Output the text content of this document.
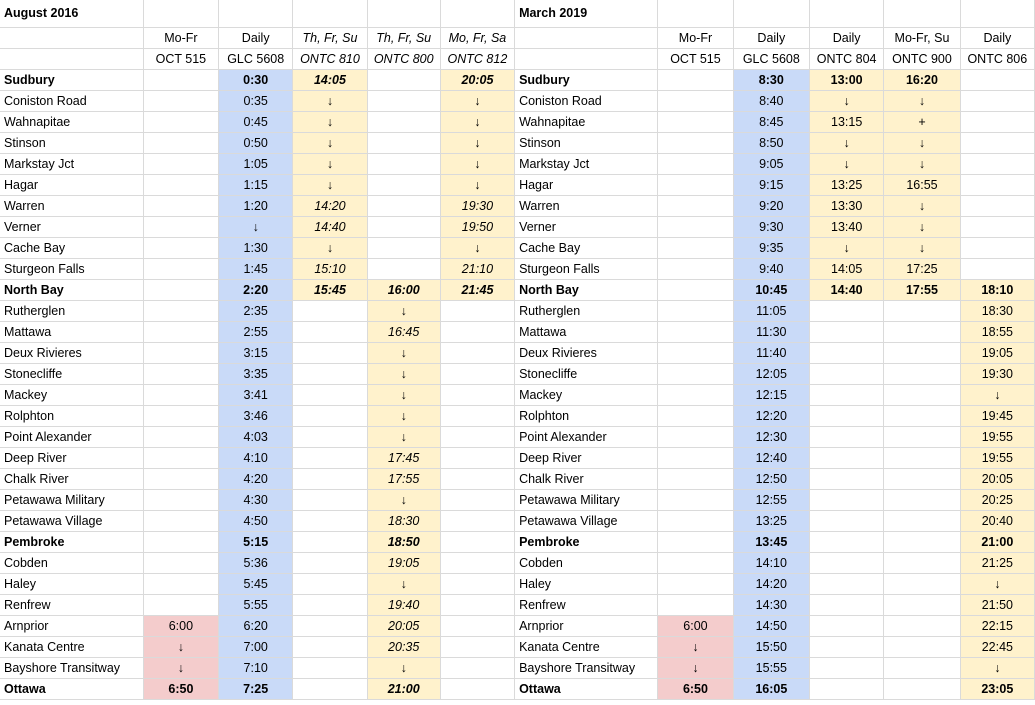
August 2016						March 2019					
	Mo-Fr	Daily	Th, Fr, Su	Th, Fr, Su	Mo, Fr, Sa		Mo-Fr	Daily	Daily	Mo-Fr, Su	Daily
	OCT 515	GLC 5608	ONTC 810	ONTC 800	ONTC 812		OCT 515	GLC 5608	ONTC 804	ONTC 900	ONTC 806
Sudbury		0:30	14:05		20:05	Sudbury		8:30	13:00	16:20	
Coniston Road		0:35	↓		↓	Coniston Road		8:40	↓	↓	
Wahnapitae		0:45	↓		↓	Wahnapitae		8:45	13:15	+	
Stinson		0:50	↓		↓	Stinson		8:50	↓	↓	
Markstay Jct		1:05	↓		↓	Markstay Jct		9:05	↓	↓	
Hagar		1:15	↓		↓	Hagar		9:15	13:25	16:55	
Warren		1:20	14:20		19:30	Warren		9:20	13:30	↓	
Verner		↓	14:40		19:50	Verner		9:30	13:40	↓	
Cache Bay		1:30	↓		↓	Cache Bay		9:35	↓	↓	
Sturgeon Falls		1:45	15:10		21:10	Sturgeon Falls		9:40	14:05	17:25	
North Bay		2:20	15:45	16:00	21:45	North Bay		10:45	14:40	17:55	18:10
Rutherglen		2:35		↓		Rutherglen		11:05			18:30
Mattawa		2:55		16:45		Mattawa		11:30			18:55
Deux Rivieres		3:15		↓		Deux Rivieres		11:40			19:05
Stonecliffe		3:35		↓		Stonecliffe		12:05			19:30
Mackey		3:41		↓		Mackey		12:15			↓
Rolphton		3:46		↓		Rolphton		12:20			19:45
Point Alexander		4:03		↓		Point Alexander		12:30			19:55
Deep River		4:10		17:45		Deep River		12:40			19:55
Chalk River		4:20		17:55		Chalk River		12:50			20:05
Petawawa Military		4:30		↓		Petawawa Military		12:55			20:25
Petawawa Village		4:50		18:30		Petawawa Village		13:25			20:40
Pembroke		5:15		18:50		Pembroke		13:45			21:00
Cobden		5:36		19:05		Cobden		14:10			21:25
Haley		5:45		↓		Haley		14:20			↓
Renfrew		5:55		19:40		Renfrew		14:30			21:50
Arnprior	6:00	6:20		20:05		Arnprior	6:00	14:50			22:15
Kanata Centre	↓	7:00		20:35		Kanata Centre	↓	15:50			22:45
Bayshore Transitway	↓	7:10		↓		Bayshore Transitway	↓	15:55			↓
Ottawa	6:50	7:25		21:00		Ottawa	6:50	16:05			23:05
